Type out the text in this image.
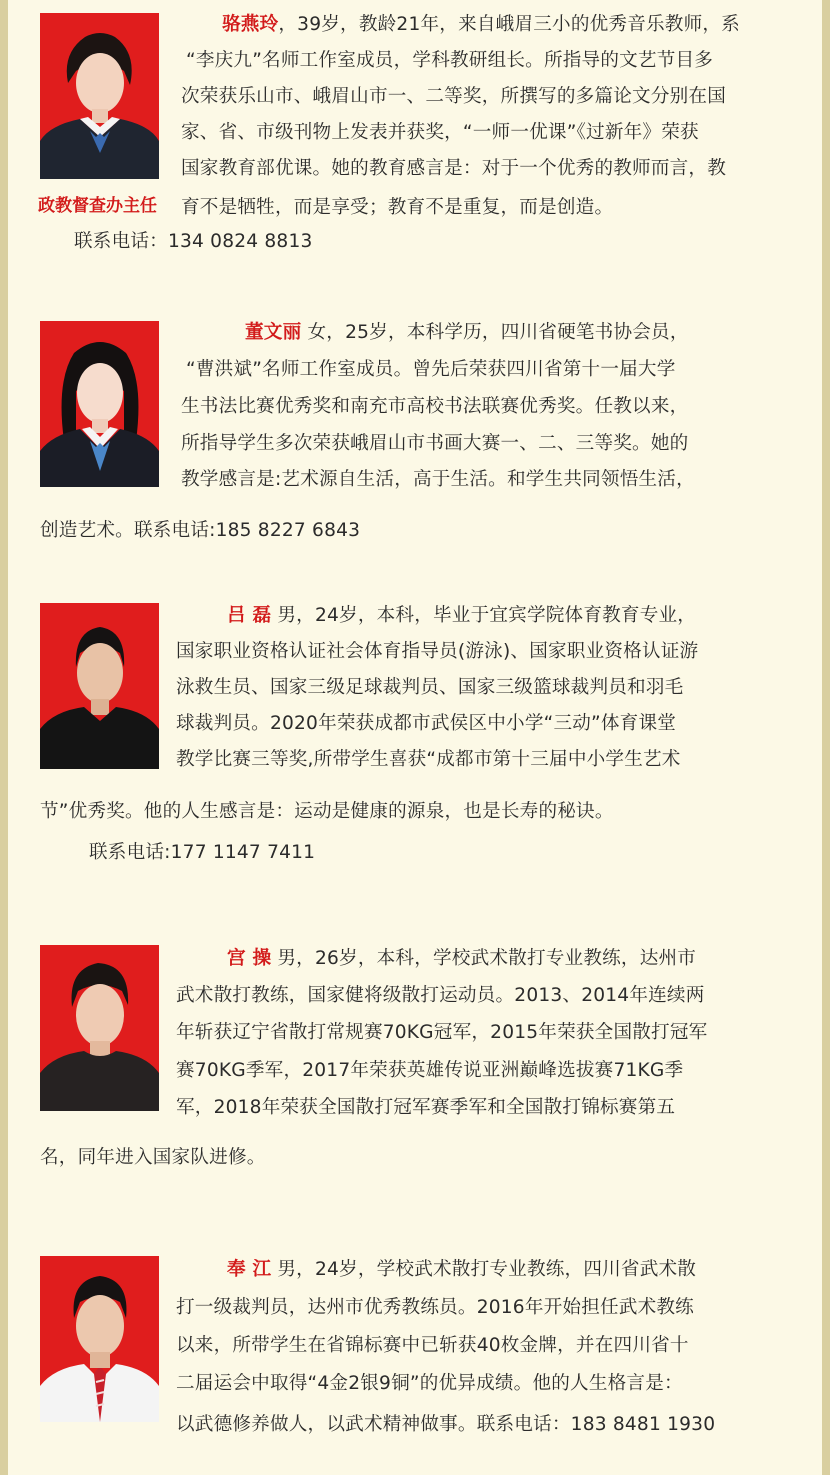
政教督查办主任
骆燕玲，39岁，教龄21年，来自峨眉三小的优秀音乐教师，系
“李庆九”名师工作室成员，学科教研组长。所指导的文艺节目多
次荣获乐山市、峨眉山市一、二等奖，所撰写的多篇论文分别在国
家、省、市级刊物上发表并获奖，“一师一优课”《过新年》荣获
国家教育部优课。她的教育感言是：对于一个优秀的教师而言，教
育不是牺牲，而是享受；教育不是重复，而是创造。
联系电话：134 0824 8813
董文丽 女，25岁，本科学历，四川省硬笔书协会员，
“曹洪斌”名师工作室成员。曾先后荣获四川省第十一届大学
生书法比赛优秀奖和南充市高校书法联赛优秀奖。任教以来，
所指导学生多次荣获峨眉山市书画大赛一、二、三等奖。她的
教学感言是:艺术源自生活，高于生活。和学生共同领悟生活，
创造艺术。联系电话:185 8227 6843
吕 磊 男，24岁，本科，毕业于宜宾学院体育教育专业，
国家职业资格认证社会体育指导员(游泳)、国家职业资格认证游
泳救生员、国家三级足球裁判员、国家三级篮球裁判员和羽毛
球裁判员。2020年荣获成都市武侯区中小学“三动”体育课堂
教学比赛三等奖,所带学生喜获“成都市第十三届中小学生艺术
节”优秀奖。他的人生感言是：运动是健康的源泉，也是长寿的秘诀。
联系电话:177 1147 7411
宫 操 男，26岁，本科，学校武术散打专业教练，达州市
武术散打教练，国家健将级散打运动员。2013、2014年连续两
年斩获辽宁省散打常规赛70KG冠军，2015年荣获全国散打冠军
赛70KG季军，2017年荣获英雄传说亚洲巅峰选拔赛71KG季
军，2018年荣获全国散打冠军赛季军和全国散打锦标赛第五
名，同年进入国家队进修。
奉 江 男，24岁，学校武术散打专业教练，四川省武术散
打一级裁判员，达州市优秀教练员。2016年开始担任武术教练
以来，所带学生在省锦标赛中已斩获40枚金牌，并在四川省十
二届运会中取得“4金2银9铜”的优异成绩。他的人生格言是：
以武德修养做人，以武术精神做事。联系电话：183 8481 1930
